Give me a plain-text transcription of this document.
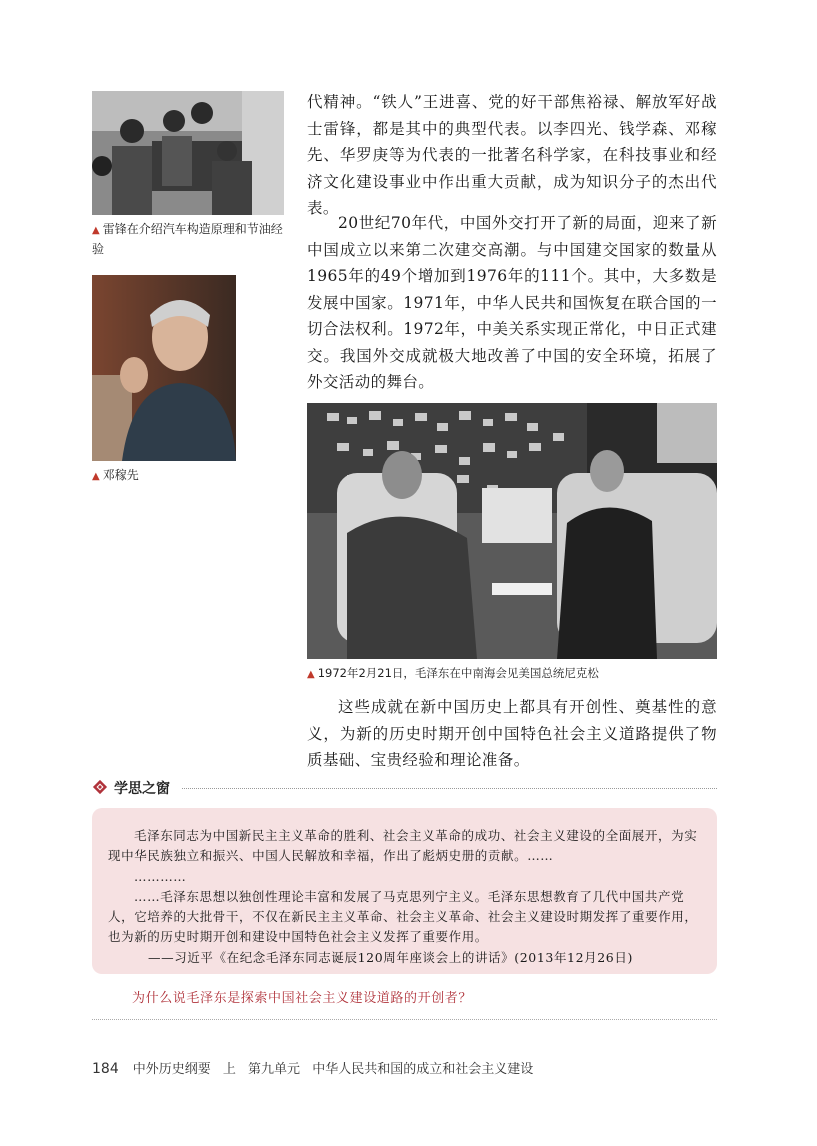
▲ 雷锋在介绍汽车构造原理和节油经验
▲ 邓稼先

代精神。“铁人”王进喜、党的好干部焦裕禄、解放军好战士雷锋，都是其中的典型代表。以李四光、钱学森、邓稼先、华罗庚等为代表的一批著名科学家，在科技事业和经济文化建设事业中作出重大贡献，成为知识分子的杰出代表。

20世纪70年代，中国外交打开了新的局面，迎来了新中国成立以来第二次建交高潮。与中国建交国家的数量从1965年的49个增加到1976年的111个。其中，大多数是发展中国家。1971年，中华人民共和国恢复在联合国的一切合法权利。1972年，中美关系实现正常化，中日正式建交。我国外交成就极大地改善了中国的安全环境，拓展了外交活动的舞台。

▲ 1972年2月21日，毛泽东在中南海会见美国总统尼克松

这些成就在新中国历史上都具有开创性、奠基性的意义，为新的历史时期开创中国特色社会主义道路提供了物质基础、宝贵经验和理论准备。

学思之窗

毛泽东同志为中国新民主主义革命的胜利、社会主义革命的成功、社会主义建设的全面展开，为实现中华民族独立和振兴、中国人民解放和幸福，作出了彪炳史册的贡献。……

…………

……毛泽东思想以独创性理论丰富和发展了马克思列宁主义。毛泽东思想教育了几代中国共产党人，它培养的大批骨干，不仅在新民主主义革命、社会主义革命、社会主义建设时期发挥了重要作用，也为新的历史时期开创和建设中国特色社会主义发挥了重要作用。

——习近平《在纪念毛泽东同志诞辰120周年座谈会上的讲话》(2013年12月26日)

为什么说毛泽东是探索中国社会主义建设道路的开创者？
184 中外历史纲要 上 第九单元 中华人民共和国的成立和社会主义建设
